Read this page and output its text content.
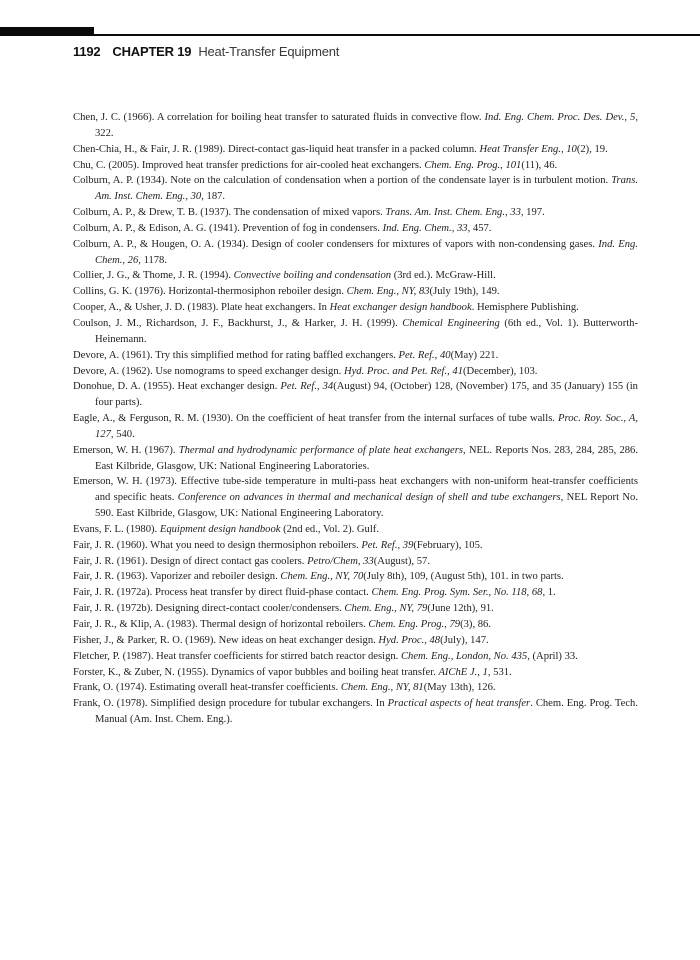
1192 CHAPTER 19 Heat-Transfer Equipment

Chen, J. C. (1966). A correlation for boiling heat transfer to saturated fluids in convective flow. Ind. Eng. Chem. Proc. Des. Dev., 5, 322.

Chen-Chia, H., & Fair, J. R. (1989). Direct-contact gas-liquid heat transfer in a packed column. Heat Transfer Eng., 10(2), 19.

Chu, C. (2005). Improved heat transfer predictions for air-cooled heat exchangers. Chem. Eng. Prog., 101(11), 46.

Colburn, A. P. (1934). Note on the calculation of condensation when a portion of the condensate layer is in turbulent motion. Trans. Am. Inst. Chem. Eng., 30, 187.

Colburn, A. P., & Drew, T. B. (1937). The condensation of mixed vapors. Trans. Am. Inst. Chem. Eng., 33, 197.

Colburn, A. P., & Edison, A. G. (1941). Prevention of fog in condensers. Ind. Eng. Chem., 33, 457.

Colburn, A. P., & Hougen, O. A. (1934). Design of cooler condensers for mixtures of vapors with non-condensing gases. Ind. Eng. Chem., 26, 1178.

Collier, J. G., & Thome, J. R. (1994). Convective boiling and condensation (3rd ed.). McGraw-Hill.

Collins, G. K. (1976). Horizontal-thermosiphon reboiler design. Chem. Eng., NY, 83(July 19th), 149.

Cooper, A., & Usher, J. D. (1983). Plate heat exchangers. In Heat exchanger design handbook. Hemisphere Publishing.

Coulson, J. M., Richardson, J. F., Backhurst, J., & Harker, J. H. (1999). Chemical Engineering (6th ed., Vol. 1). Butterworth-Heinemann.

Devore, A. (1961). Try this simplified method for rating baffled exchangers. Pet. Ref., 40(May) 221.

Devore, A. (1962). Use nomograms to speed exchanger design. Hyd. Proc. and Pet. Ref., 41(December), 103.

Donohue, D. A. (1955). Heat exchanger design. Pet. Ref., 34(August) 94, (October) 128, (November) 175, and 35 (January) 155 (in four parts).

Eagle, A., & Ferguson, R. M. (1930). On the coefficient of heat transfer from the internal surfaces of tube walls. Proc. Roy. Soc., A, 127, 540.

Emerson, W. H. (1967). Thermal and hydrodynamic performance of plate heat exchangers, NEL. Reports Nos. 283, 284, 285, 286. East Kilbride, Glasgow, UK: National Engineering Laboratories.

Emerson, W. H. (1973). Effective tube-side temperature in multi-pass heat exchangers with non-uniform heat-transfer coefficients and specific heats. Conference on advances in thermal and mechanical design of shell and tube exchangers, NEL Report No. 590. East Kilbride, Glasgow, UK: National Engineering Laboratory.

Evans, F. L. (1980). Equipment design handbook (2nd ed., Vol. 2). Gulf.

Fair, J. R. (1960). What you need to design thermosiphon reboilers. Pet. Ref., 39(February), 105.

Fair, J. R. (1961). Design of direct contact gas coolers. Petro/Chem, 33(August), 57.

Fair, J. R. (1963). Vaporizer and reboiler design. Chem. Eng., NY, 70(July 8th), 109, (August 5th), 101. in two parts.

Fair, J. R. (1972a). Process heat transfer by direct fluid-phase contact. Chem. Eng. Prog. Sym. Ser., No. 118, 68, 1.

Fair, J. R. (1972b). Designing direct-contact cooler/condensers. Chem. Eng., NY, 79(June 12th), 91.

Fair, J. R., & Klip, A. (1983). Thermal design of horizontal reboilers. Chem. Eng. Prog., 79(3), 86.

Fisher, J., & Parker, R. O. (1969). New ideas on heat exchanger design. Hyd. Proc., 48(July), 147.

Fletcher, P. (1987). Heat transfer coefficients for stirred batch reactor design. Chem. Eng., London, No. 435, (April) 33.

Forster, K., & Zuber, N. (1955). Dynamics of vapor bubbles and boiling heat transfer. AIChE J., 1, 531.

Frank, O. (1974). Estimating overall heat-transfer coefficients. Chem. Eng., NY, 81(May 13th), 126.

Frank, O. (1978). Simplified design procedure for tubular exchangers. In Practical aspects of heat transfer. Chem. Eng. Prog. Tech. Manual (Am. Inst. Chem. Eng.).
